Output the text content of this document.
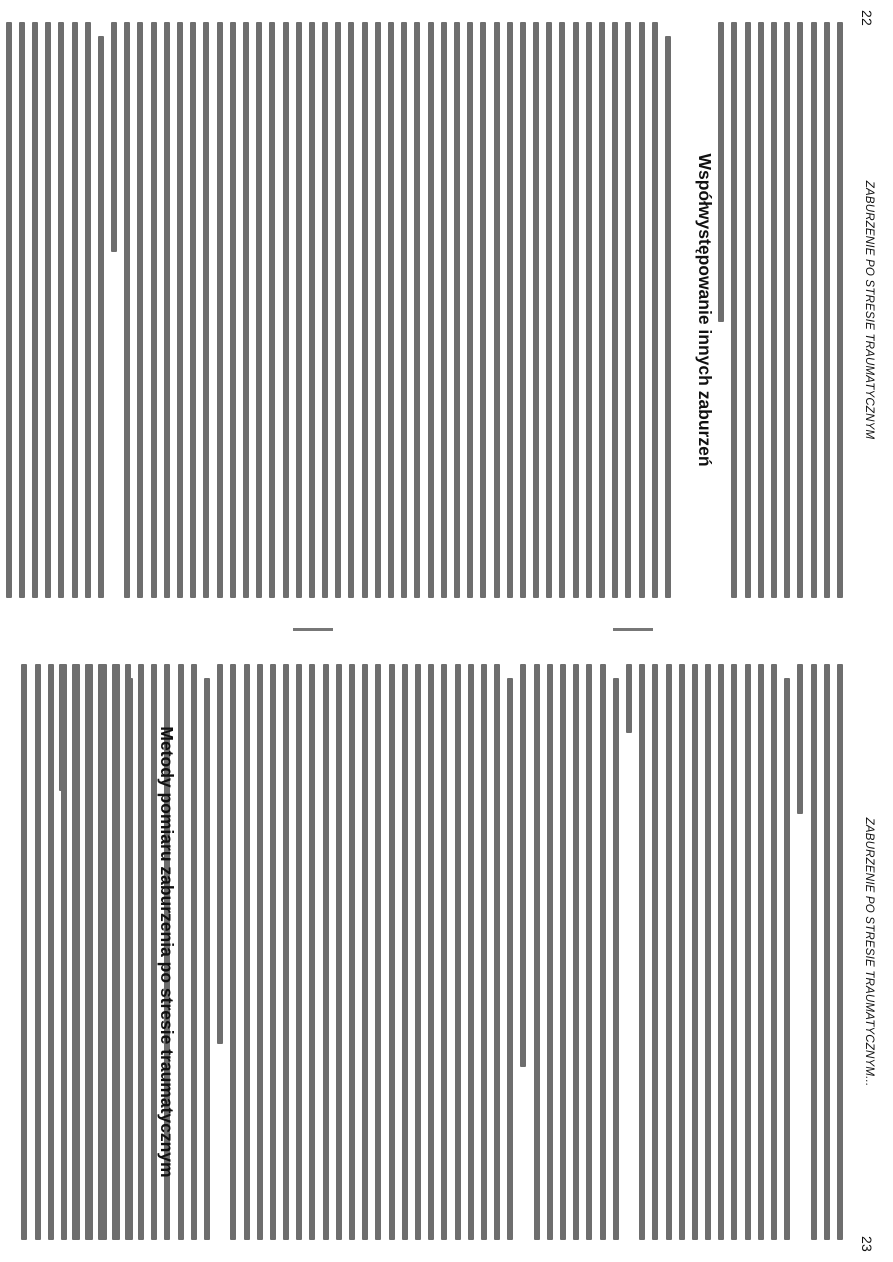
22
ZABURZENIE PO STRESIE TRAUMATYCZNYM
Współwystępowanie innych zaburzeń
ZABURZENIE PO STRESIE TRAUMATYCZNYM...
23
Metody pomiaru zaburzenia po stresie traumatycznym
